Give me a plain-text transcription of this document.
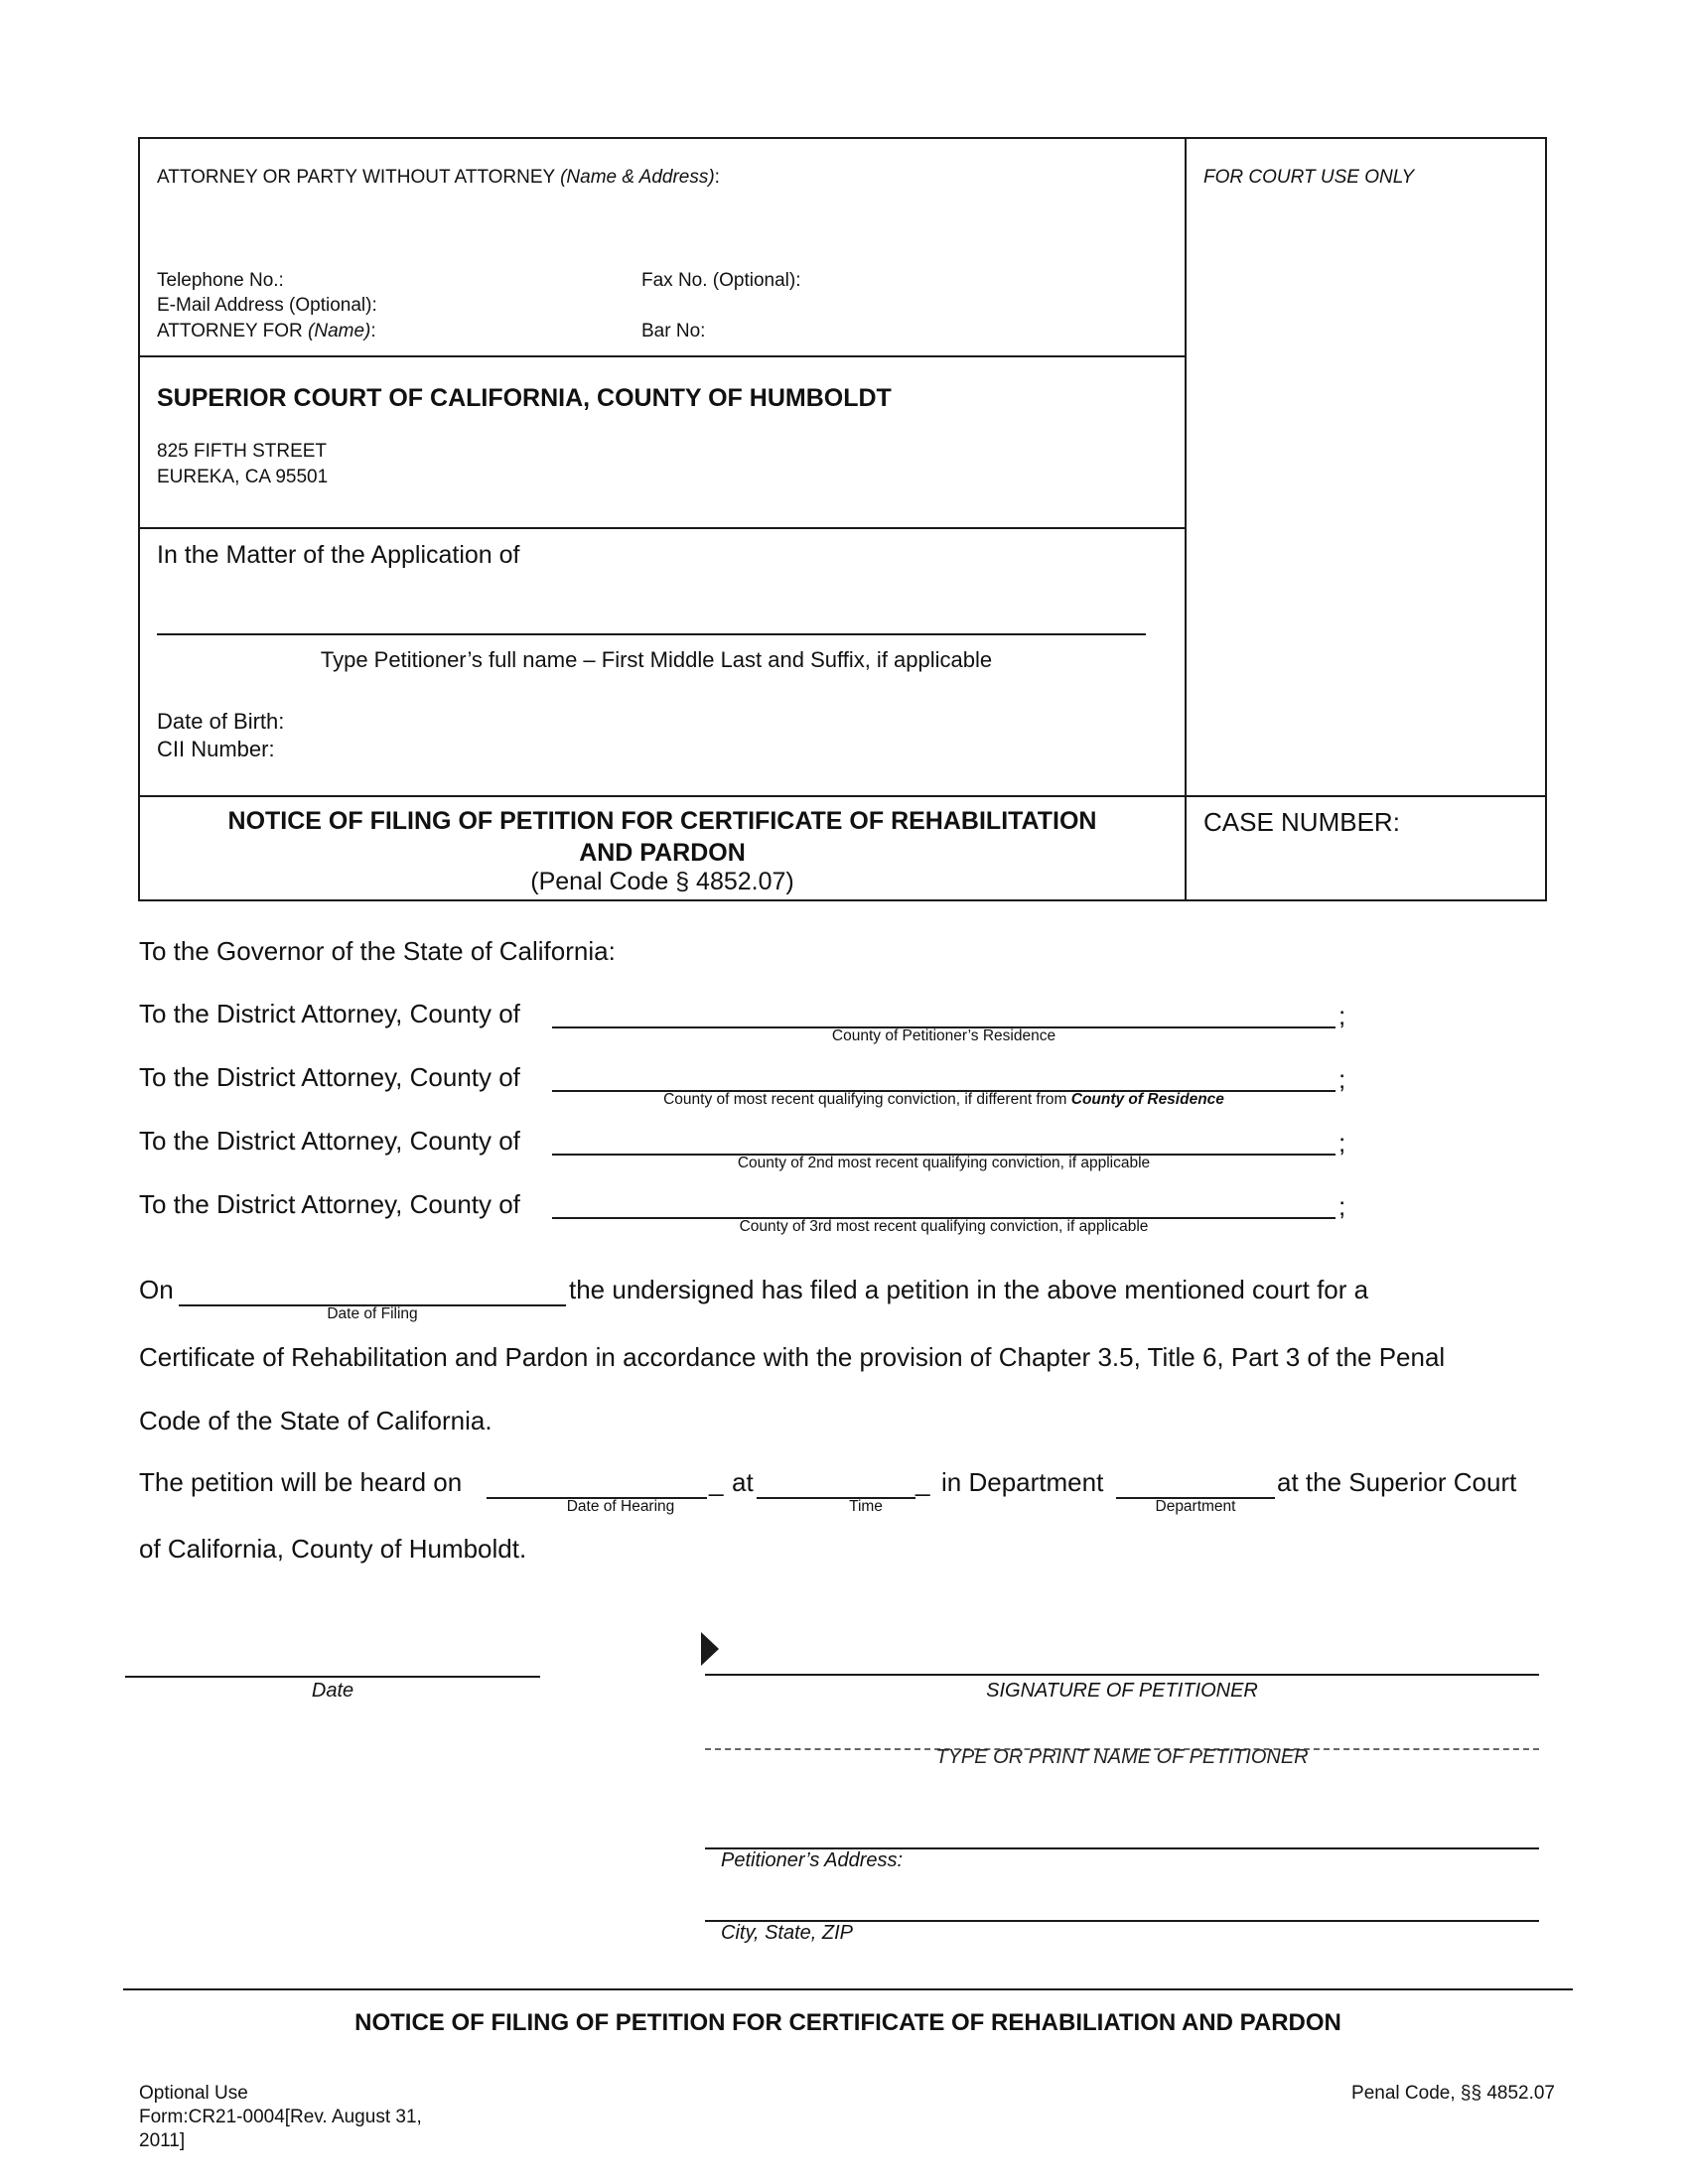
ATTORNEY OR PARTY WITHOUT ATTORNEY (Name & Address):	FOR COURT USE ONLY
Telephone No.:	Fax No. (Optional):
E-Mail Address (Optional):
ATTORNEY FOR (Name):	Bar No:
SUPERIOR COURT OF CALIFORNIA, COUNTY OF HUMBOLDT
825 FIFTH STREET
EUREKA, CA 95501
In the Matter of the Application of
Type Petitioner’s full name – First Middle Last and Suffix, if applicable
Date of Birth:
CII Number:
NOTICE OF FILING OF PETITION FOR CERTIFICATE OF REHABILITATION
AND PARDON
(Penal Code § 4852.07)
CASE NUMBER:
To the Governor of the State of California:
To the District Attorney, County of	;
County of Petitioner’s Residence
To the District Attorney, County of	;
County of most recent qualifying conviction, if different from County of Residence
To the District Attorney, County of	;
County of 2nd most recent qualifying conviction, if applicable
To the District Attorney, County of	;
County of 3rd most recent qualifying conviction, if applicable
On
Date of Filing
the undersigned has filed a petition in the above mentioned court for a
Certificate of Rehabilitation and Pardon in accordance with the provision of Chapter 3.5, Title 6, Part 3 of the Penal
Code of the State of California.
The petition will be heard on
Date of Hearing
_ at
Time
_ in Department
Department
at the Superior Court
of California, County of Humboldt.
Date	SIGNATURE OF PETITIONER
TYPE OR PRINT NAME OF PETITIONER
Petitioner’s Address:
City, State, ZIP
NOTICE OF FILING OF PETITION FOR CERTIFICATE OF REHABILIATION AND PARDON
Optional Use
Form:CR21-0004[Rev. August 31,
2011]
Penal Code, §§ 4852.07
